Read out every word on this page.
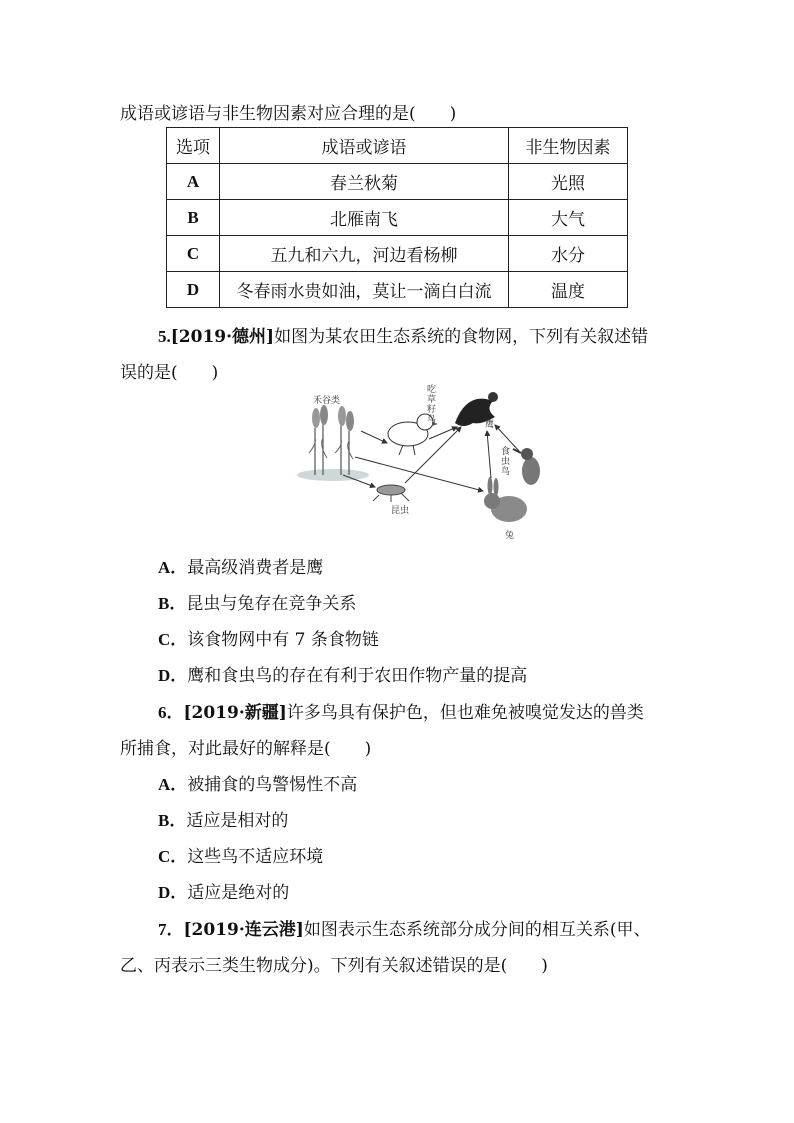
成语或谚语与非生物因素对应合理的是(　　)
选项	成语或谚语	非生物因素
A	春兰秋菊	光照
B	北雁南飞	大气
C	五九和六九，河边看杨柳	水分
D	冬春雨水贵如油，莫让一滴白白流	温度
5.[2019·德州]如图为某农田生态系统的食物网，下列有关叙述错
误的是(　　)
禾谷类
鹰
昆虫
兔
吃草籽鸟
食虫鸟
A．最高级消费者是鹰
B．昆虫与兔存在竞争关系
C．该食物网中有 7 条食物链
D．鹰和食虫鸟的存在有利于农田作物产量的提高
6．[2019·新疆]许多鸟具有保护色，但也难免被嗅觉发达的兽类
所捕食，对此最好的解释是(　　)
A．被捕食的鸟警惕性不高
B．适应是相对的
C．这些鸟不适应环境
D．适应是绝对的
7．[2019·连云港]如图表示生态系统部分成分间的相互关系(甲、
乙、丙表示三类生物成分)。下列有关叙述错误的是(　　)
